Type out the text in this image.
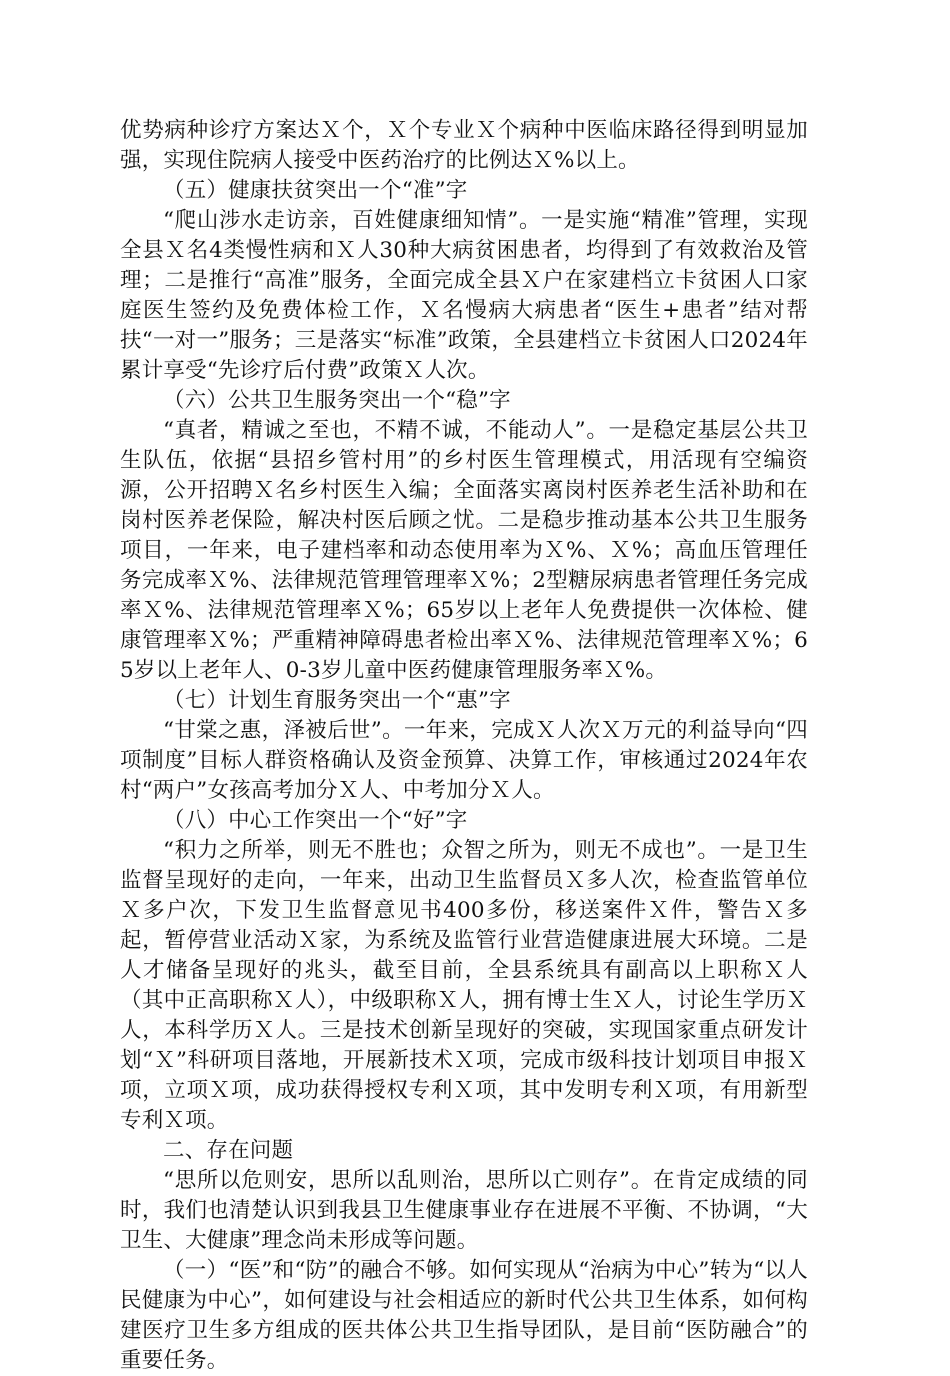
优势病种诊疗方案达Ｘ个，Ｘ个专业Ｘ个病种中医临床路径得到明显加强，实现住院病人接受中医药治疗的比例达Ｘ%以上。

（五）健康扶贫突出一个“准”字

“爬山涉水走访亲，百姓健康细知情”。一是实施“精准”管理，实现全县Ｘ名4类慢性病和Ｘ人30种大病贫困患者，均得到了有效救治及管理；二是推行“高准”服务，全面完成全县Ｘ户在家建档立卡贫困人口家庭医生签约及免费体检工作，Ｘ名慢病大病患者“医生+患者”结对帮扶“一对一”服务；三是落实“标准”政策，全县建档立卡贫困人口2024年累计享受“先诊疗后付费”政策Ｘ人次。

（六）公共卫生服务突出一个“稳”字

“真者，精诚之至也，不精不诚，不能动人”。一是稳定基层公共卫生队伍，依据“县招乡管村用”的乡村医生管理模式，用活现有空编资源，公开招聘Ｘ名乡村医生入编；全面落实离岗村医养老生活补助和在岗村医养老保险，解决村医后顾之忧。二是稳步推动基本公共卫生服务项目，一年来，电子建档率和动态使用率为Ｘ%、Ｘ%；高血压管理任务完成率Ｘ%、法律规范管理管理率Ｘ%；2型糖尿病患者管理任务完成率Ｘ%、法律规范管理率Ｘ%；65岁以上老年人免费提供一次体检、健康管理率Ｘ%；严重精神障碍患者检出率Ｘ%、法律规范管理率Ｘ%；65岁以上老年人、0-3岁儿童中医药健康管理服务率Ｘ%。

（七）计划生育服务突出一个“惠”字

“甘棠之惠，泽被后世”。一年来，完成Ｘ人次Ｘ万元的利益导向“四项制度”目标人群资格确认及资金预算、决算工作，审核通过2024年农村“两户”女孩高考加分Ｘ人、中考加分Ｘ人。

（八）中心工作突出一个“好”字

“积力之所举，则无不胜也；众智之所为，则无不成也”。一是卫生监督呈现好的走向，一年来，出动卫生监督员Ｘ多人次，检查监管单位Ｘ多户次，下发卫生监督意见书400多份，移送案件Ｘ件，警告Ｘ多起，暂停营业活动Ｘ家，为系统及监管行业营造健康进展大环境。二是人才储备呈现好的兆头，截至目前，全县系统具有副高以上职称Ｘ人（其中正高职称Ｘ人），中级职称Ｘ人，拥有博士生Ｘ人，讨论生学历Ｘ人，本科学历Ｘ人。三是技术创新呈现好的突破，实现国家重点研发计划“Ｘ”科研项目落地，开展新技术Ｘ项，完成市级科技计划项目申报Ｘ项，立项Ｘ项，成功获得授权专利Ｘ项，其中发明专利Ｘ项，有用新型专利Ｘ项。

二、存在问题

“思所以危则安，思所以乱则治，思所以亡则存”。在肯定成绩的同时，我们也清楚认识到我县卫生健康事业存在进展不平衡、不协调，“大卫生、大健康”理念尚未形成等问题。

（一）“医”和“防”的融合不够。如何实现从“治病为中心”转为“以人民健康为中心”，如何建设与社会相适应的新时代公共卫生体系，如何构建医疗卫生多方组成的医共体公共卫生指导团队，是目前“医防融合”的重要任务。
